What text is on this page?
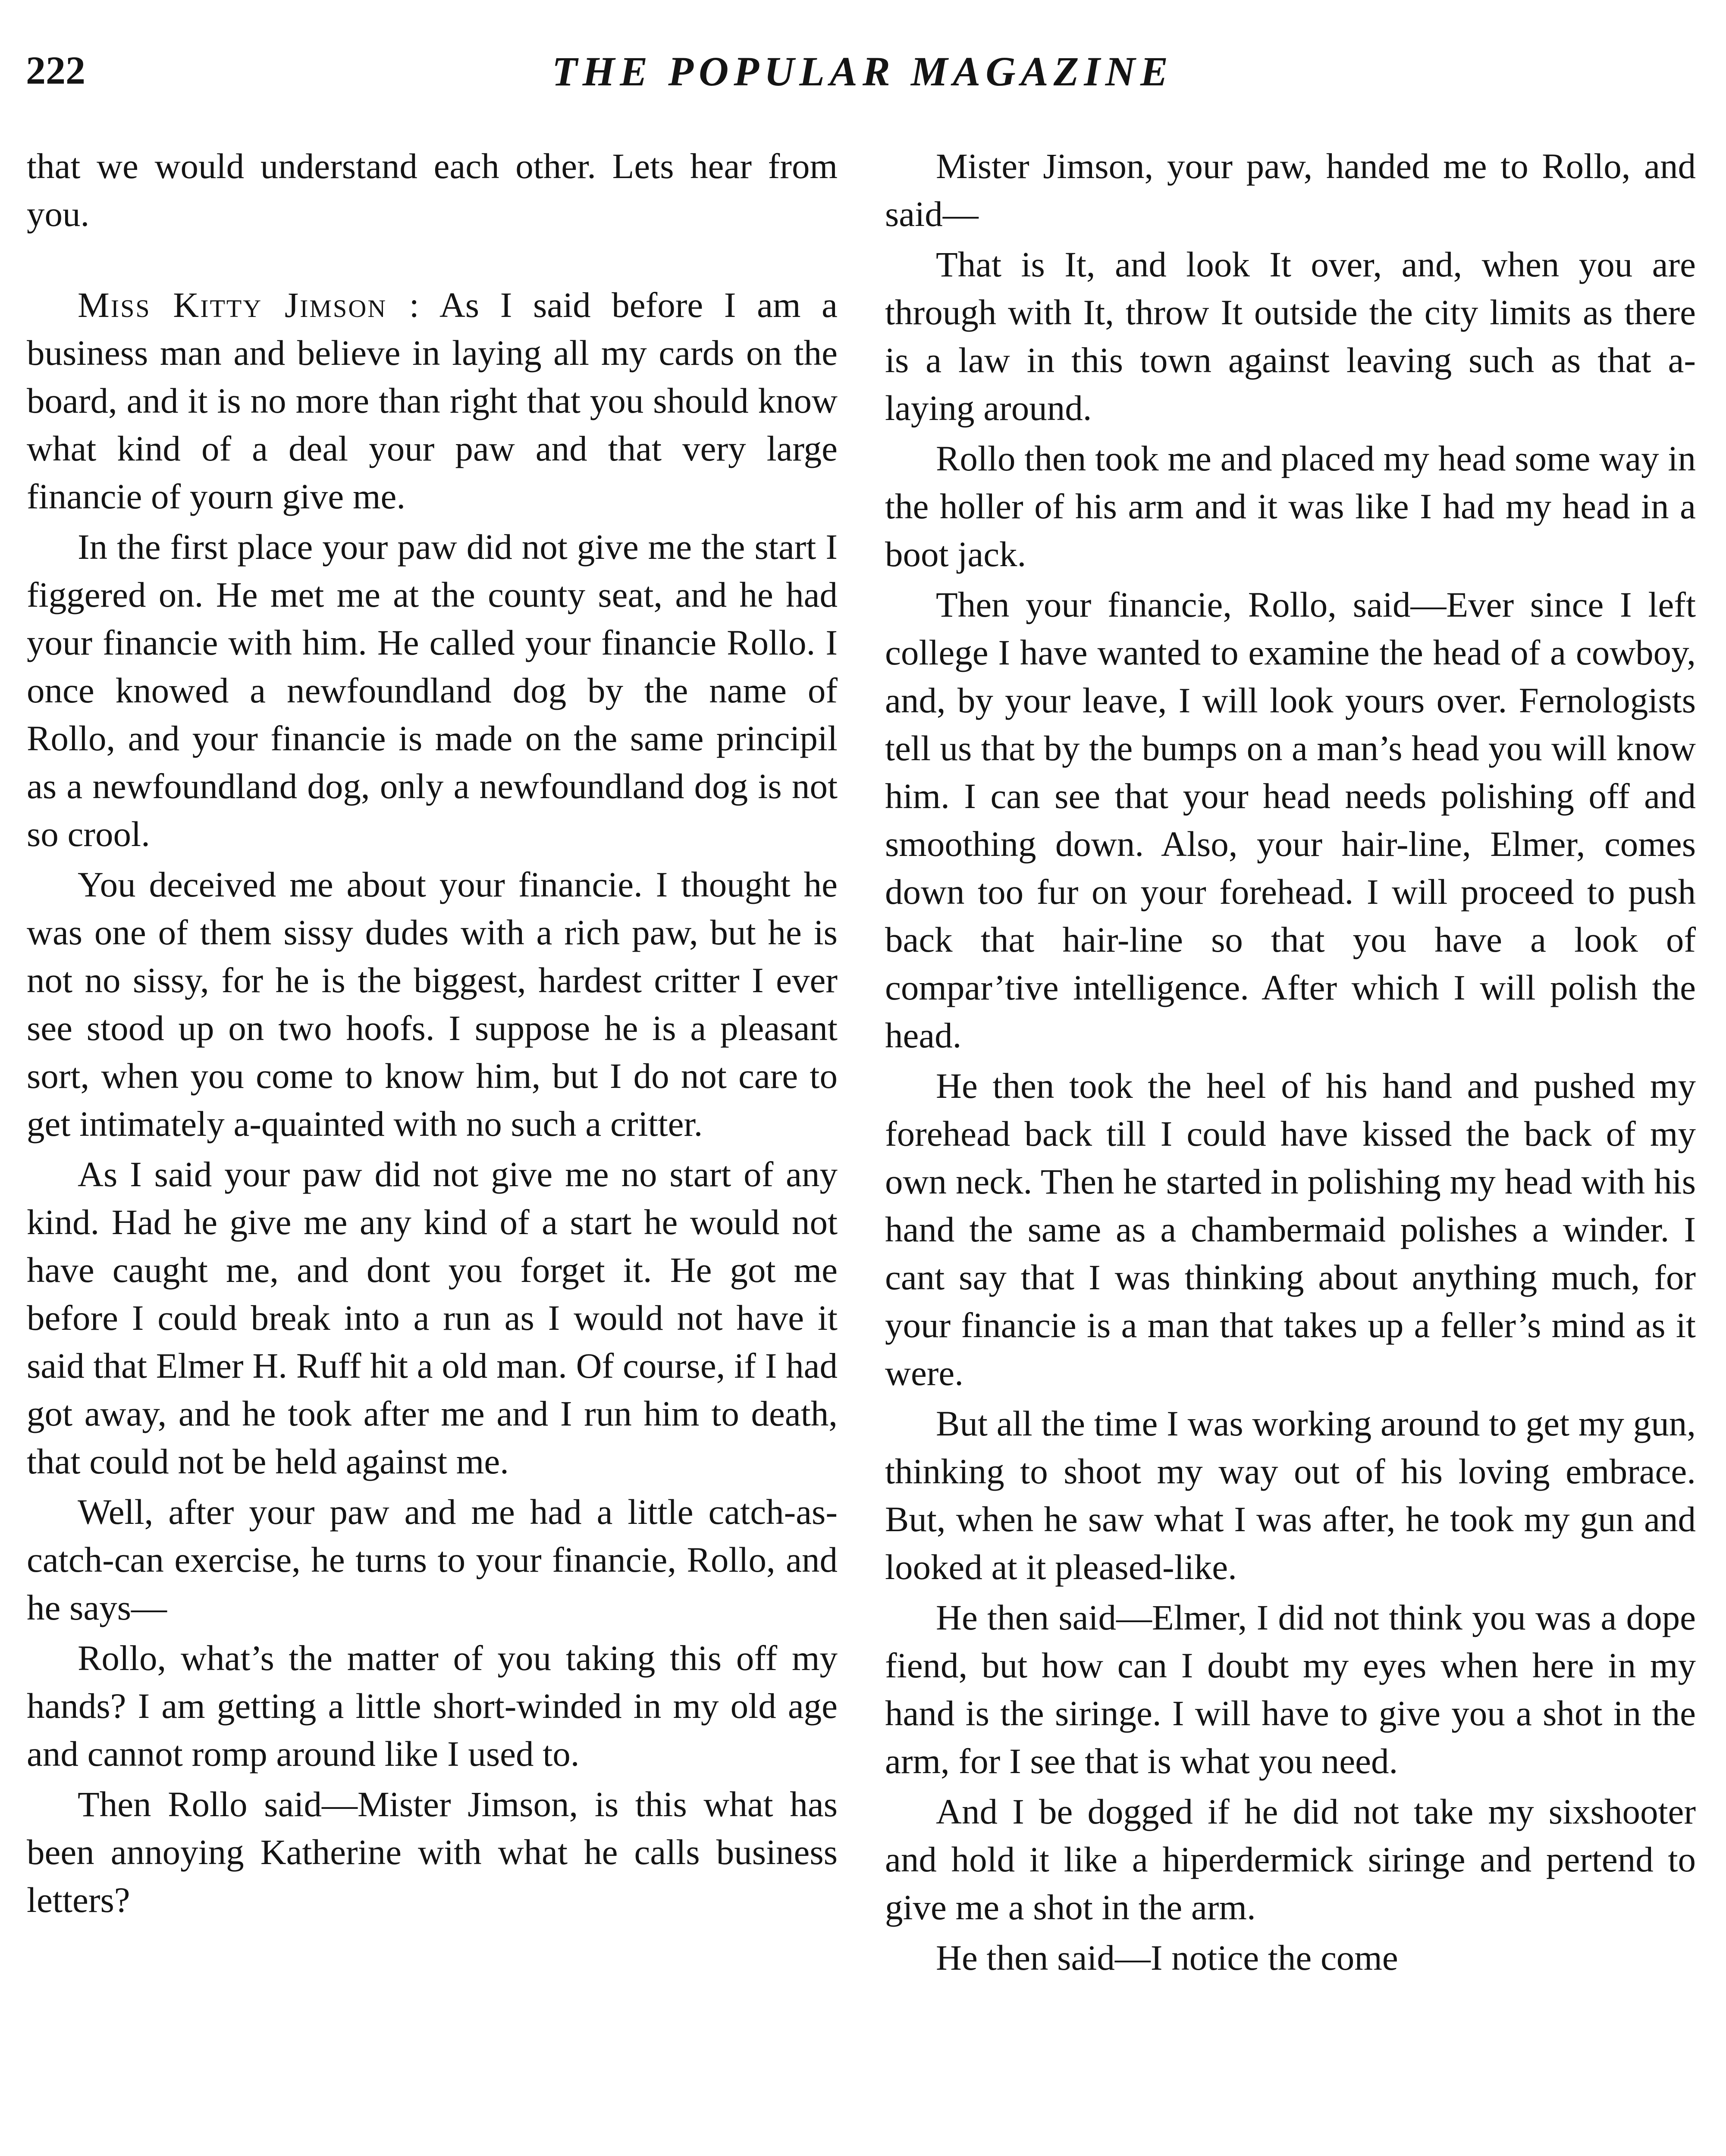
222	THE POPULAR MAGAZINE

that we would understand each other. Lets hear from you.

Miss Kitty Jimson : As I said before I am a business man and believe in laying all my cards on the board, and it is no more than right that you should know what kind of a deal your paw and that very large financie of yourn give me.

In the first place your paw did not give me the start I figgered on. He met me at the county seat, and he had your financie with him. He called your financie Rollo. I once knowed a newfoundland dog by the name of Rollo, and your financie is made on the same principil as a newfoundland dog, only a newfoundland dog is not so crool.

You deceived me about your financie. I thought he was one of them sissy dudes with a rich paw, but he is not no sissy, for he is the biggest, hardest critter I ever see stood up on two hoofs. I suppose he is a pleasant sort, when you come to know him, but I do not care to get intimately a-quainted with no such a critter.

As I said your paw did not give me no start of any kind. Had he give me any kind of a start he would not have caught me, and dont you forget it. He got me before I could break into a run as I would not have it said that Elmer H. Ruff hit a old man. Of course, if I had got away, and he took after me and I run him to death, that could not be held against me.

Well, after your paw and me had a little catch-as-catch-can exercise, he turns to your financie, Rollo, and he says—

Rollo, what’s the matter of you taking this off my hands? I am getting a little short-winded in my old age and cannot romp around like I used to.

Then Rollo said—Mister Jimson, is this what has been annoying Katherine with what he calls business letters?

Mister Jimson, your paw, handed me to Rollo, and said—

That is It, and look It over, and, when you are through with It, throw It outside the city limits as there is a law in this town against leaving such as that a-laying around.

Rollo then took me and placed my head some way in the holler of his arm and it was like I had my head in a boot jack.

Then your financie, Rollo, said—Ever since I left college I have wanted to examine the head of a cowboy, and, by your leave, I will look yours over. Fernologists tell us that by the bumps on a man’s head you will know him. I can see that your head needs polishing off and smoothing down. Also, your hair-line, Elmer, comes down too fur on your forehead. I will proceed to push back that hair-line so that you have a look of compar’tive intelligence. After which I will polish the head.

He then took the heel of his hand and pushed my forehead back till I could have kissed the back of my own neck. Then he started in polishing my head with his hand the same as a chambermaid polishes a winder. I cant say that I was thinking about anything much, for your financie is a man that takes up a feller’s mind as it were.

But all the time I was working around to get my gun, thinking to shoot my way out of his loving embrace. But, when he saw what I was after, he took my gun and looked at it pleased-like.

He then said—Elmer, I did not think you was a dope fiend, but how can I doubt my eyes when here in my hand is the siringe. I will have to give you a shot in the arm, for I see that is what you need.

And I be dogged if he did not take my sixshooter and hold it like a hiperdermick siringe and pertend to give me a shot in the arm.

He then said—I notice the come
